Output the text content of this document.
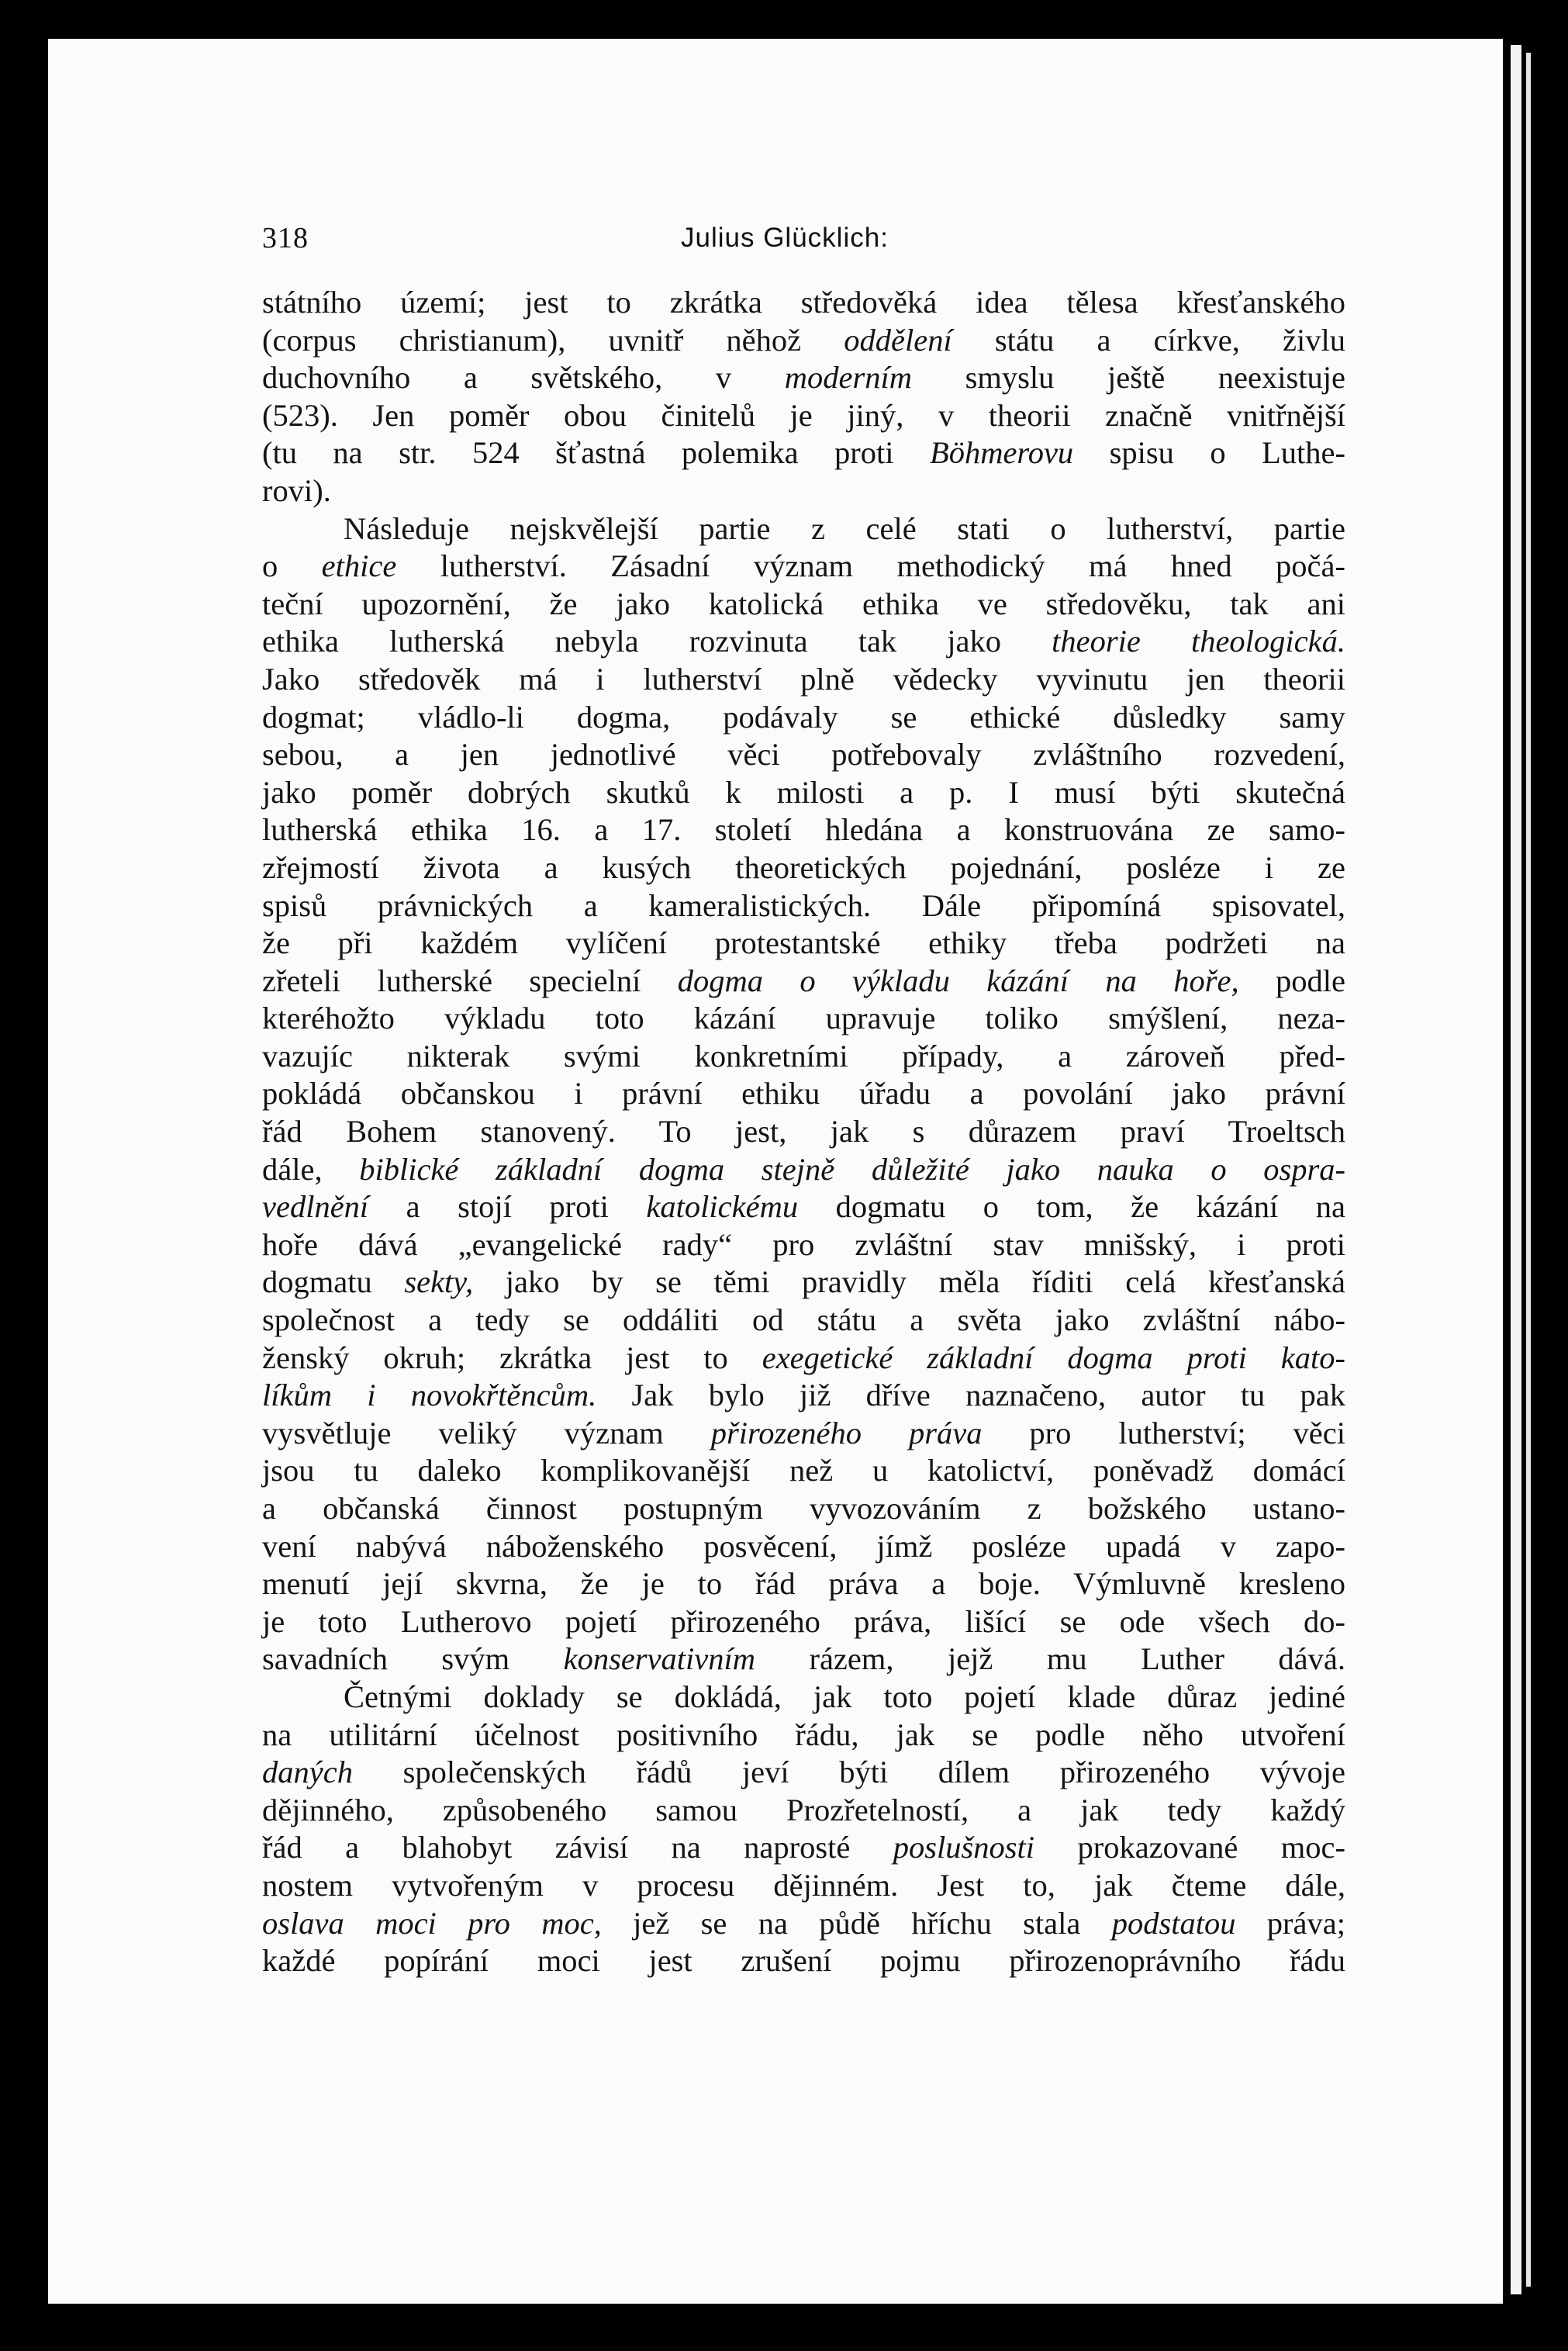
318	Julius Glücklich:
státního území; jest to zkrátka středověká idea tělesa křesťanského
(corpus christianum), uvnitř něhož oddělení státu a církve, živlu
duchovního a světského, v moderním smyslu ještě neexistuje
(523). Jen poměr obou činitelů je jiný, v theorii značně vnitřnější
(tu na str. 524 šťastná polemika proti Böhmerovu spisu o Luthe-
rovi).
Následuje nejskvělejší partie z celé stati o lutherství, partie
o ethice lutherství. Zásadní význam methodický má hned počá-
teční upozornění, že jako katolická ethika ve středověku, tak ani
ethika lutherská nebyla rozvinuta tak jako theorie theologická.
Jako středověk má i lutherství plně vědecky vyvinutu jen theorii
dogmat; vládlo-li dogma, podávaly se ethické důsledky samy
sebou, a jen jednotlivé věci potřebovaly zvláštního rozvedení,
jako poměr dobrých skutků k milosti a p. I musí býti skutečná
lutherská ethika 16. a 17. století hledána a konstruována ze samo-
zřejmostí života a kusých theoretických pojednání, posléze i ze
spisů právnických a kameralistických. Dále připomíná spisovatel,
že při každém vylíčení protestantské ethiky třeba podržeti na
zřeteli lutherské specielní dogma o výkladu kázání na hoře, podle
kteréhožto výkladu toto kázání upravuje toliko smýšlení, neza-
vazujíc nikterak svými konkretními případy, a zároveň před-
pokládá občanskou i právní ethiku úřadu a povolání jako právní
řád Bohem stanovený. To jest, jak s důrazem praví Troeltsch
dále, biblické základní dogma stejně důležité jako nauka o ospra-
vedlnění a stojí proti katolickému dogmatu o tom, že kázání na
hoře dává „evangelické rady“ pro zvláštní stav mnišský, i proti
dogmatu sekty, jako by se těmi pravidly měla říditi celá křesťanská
společnost a tedy se oddáliti od státu a světa jako zvláštní nábo-
ženský okruh; zkrátka jest to exegetické základní dogma proti kato-
líkům i novokřtěncům. Jak bylo již dříve naznačeno, autor tu pak
vysvětluje veliký význam přirozeného práva pro lutherství; věci
jsou tu daleko komplikovanější než u katolictví, poněvadž domácí
a občanská činnost postupným vyvozováním z božského ustano-
vení nabývá náboženského posvěcení, jímž posléze upadá v zapo-
menutí její skvrna, že je to řád práva a boje. Výmluvně kresleno
je toto Lutherovo pojetí přirozeného práva, lišící se ode všech do-
savadních svým konservativním rázem, jejž mu Luther dává.
Četnými doklady se dokládá, jak toto pojetí klade důraz jediné
na utilitární účelnost positivního řádu, jak se podle něho utvoření
daných společenských řádů jeví býti dílem přirozeného vývoje
dějinného, způsobeného samou Prozřetelností, a jak tedy každý
řád a blahobyt závisí na naprosté poslušnosti prokazované moc-
nostem vytvořeným v procesu dějinném. Jest to, jak čteme dále,
oslava moci pro moc, jež se na půdě hříchu stala podstatou práva;
každé popírání moci jest zrušení pojmu přirozenoprávního řádu
